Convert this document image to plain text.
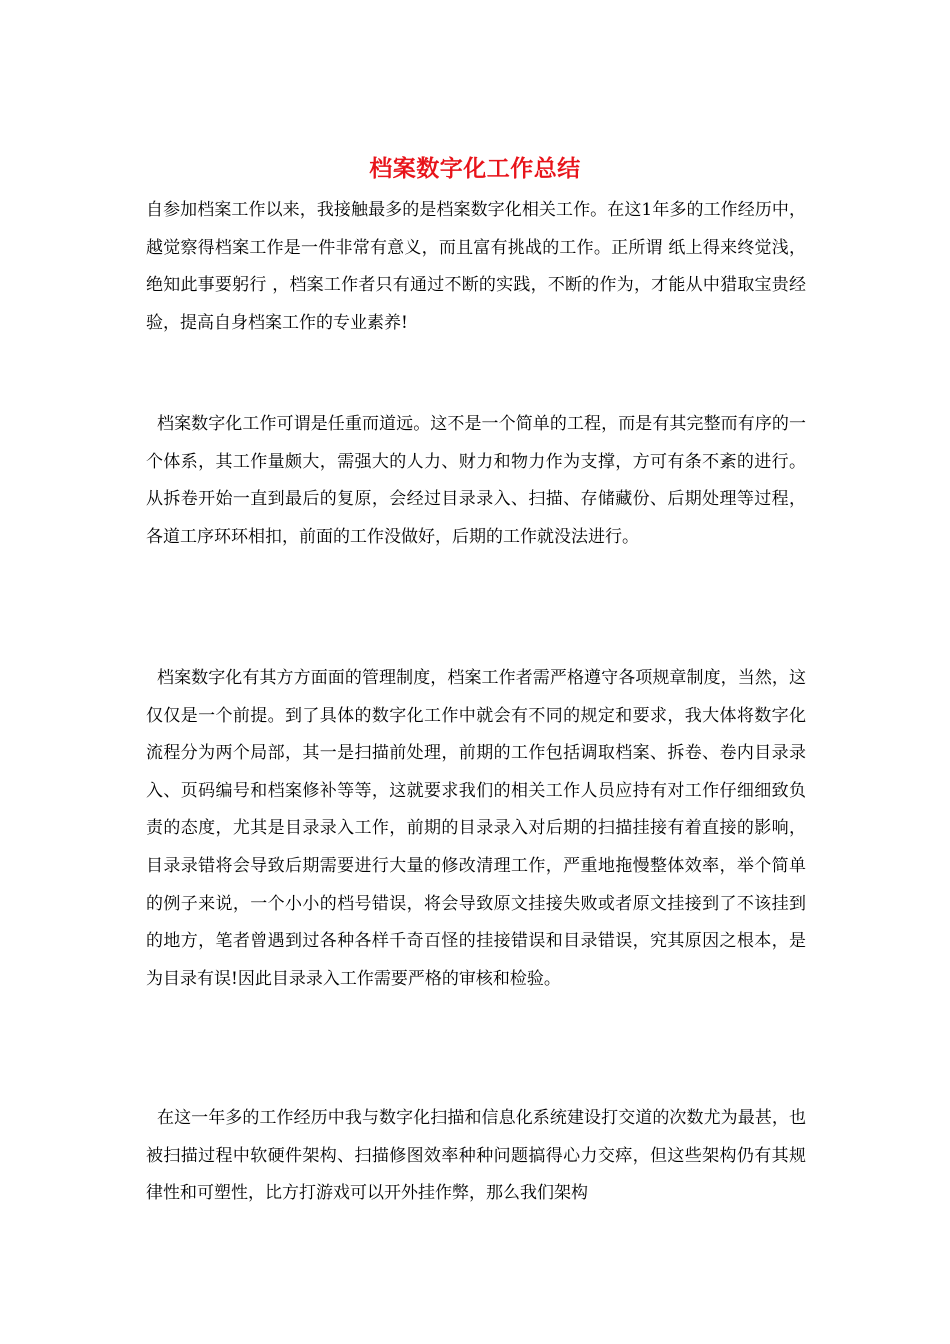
档案数字化工作总结

自参加档案工作以来，我接触最多的是档案数字化相关工作。在这1年多的工作经历中，越觉察得档案工作是一件非常有意义，而且富有挑战的工作。正所谓 纸上得来终觉浅，绝知此事要躬行 ，档案工作者只有通过不断的实践，不断的作为，才能从中猎取宝贵经验，提高自身档案工作的专业素养!

档案数字化工作可谓是任重而道远。这不是一个简单的工程，而是有其完整而有序的一个体系，其工作量颇大，需强大的人力、财力和物力作为支撑，方可有条不紊的进行。从拆卷开始一直到最后的复原，会经过目录录入、扫描、存储藏份、后期处理等过程，各道工序环环相扣，前面的工作没做好，后期的工作就没法进行。

档案数字化有其方方面面的管理制度，档案工作者需严格遵守各项规章制度，当然，这仅仅是一个前提。到了具体的数字化工作中就会有不同的规定和要求，我大体将数字化流程分为两个局部，其一是扫描前处理，前期的工作包括调取档案、拆卷、卷内目录录入、页码编号和档案修补等等，这就要求我们的相关工作人员应持有对工作仔细细致负责的态度，尤其是目录录入工作，前期的目录录入对后期的扫描挂接有着直接的影响，目录录错将会导致后期需要进行大量的修改清理工作，严重地拖慢整体效率，举个简单的例子来说，一个小小的档号错误，将会导致原文挂接失败或者原文挂接到了不该挂到的地方，笔者曾遇到过各种各样千奇百怪的挂接错误和目录错误，究其原因之根本，是为目录有误!因此目录录入工作需要严格的审核和检验。

在这一年多的工作经历中我与数字化扫描和信息化系统建设打交道的次数尤为最甚，也被扫描过程中软硬件架构、扫描修图效率种种问题搞得心力交瘁，但这些架构仍有其规律性和可塑性，比方打游戏可以开外挂作弊，那么我们架构
